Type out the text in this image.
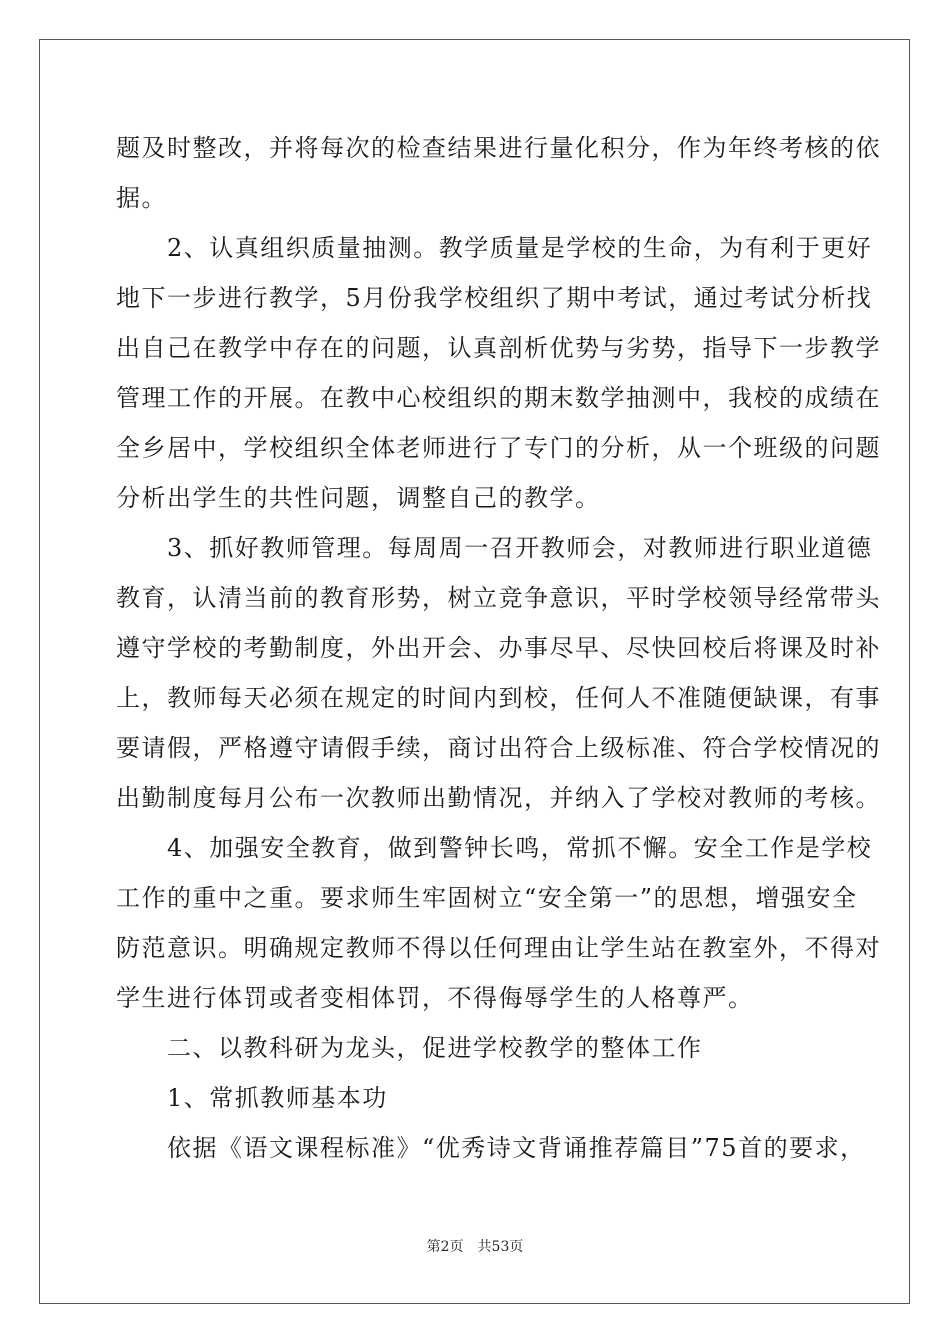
题及时整改，并将每次的检查结果进行量化积分，作为年终考核的依
据。
　　2、认真组织质量抽测。教学质量是学校的生命，为有利于更好
地下一步进行教学，5月份我学校组织了期中考试，通过考试分析找
出自己在教学中存在的问题，认真剖析优势与劣势，指导下一步教学
管理工作的开展。在教中心校组织的期末数学抽测中，我校的成绩在
全乡居中，学校组织全体老师进行了专门的分析，从一个班级的问题
分析出学生的共性问题，调整自己的教学。
　　3、抓好教师管理。每周周一召开教师会，对教师进行职业道德
教育，认清当前的教育形势，树立竞争意识，平时学校领导经常带头
遵守学校的考勤制度，外出开会、办事尽早、尽快回校后将课及时补
上，教师每天必须在规定的时间内到校，任何人不准随便缺课，有事
要请假，严格遵守请假手续，商讨出符合上级标准、符合学校情况的
出勤制度每月公布一次教师出勤情况，并纳入了学校对教师的考核。
　　4、加强安全教育，做到警钟长鸣，常抓不懈。安全工作是学校
工作的重中之重。要求师生牢固树立“安全第一”的思想，增强安全
防范意识。明确规定教师不得以任何理由让学生站在教室外，不得对
学生进行体罚或者变相体罚，不得侮辱学生的人格尊严。
　　二、以教科研为龙头，促进学校教学的整体工作
　　1、常抓教师基本功
　　依据《语文课程标准》“优秀诗文背诵推荐篇目”75首的要求，
第2页 共53页
